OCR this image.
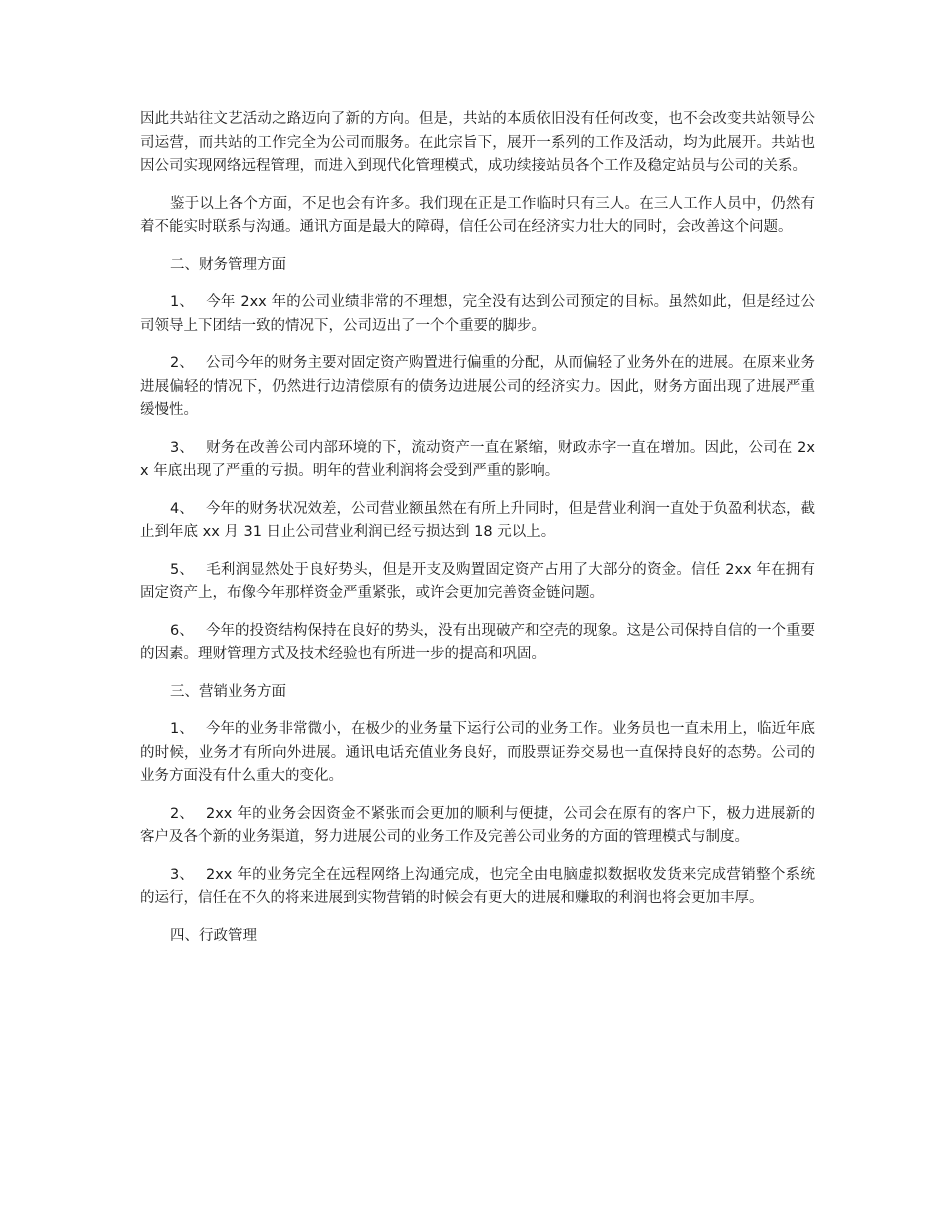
因此共站往文艺活动之路迈向了新的方向。但是，共站的本质依旧没有任何改变，也不会改变共站领导公司运营，而共站的工作完全为公司而服务。在此宗旨下，展开一系列的工作及活动，均为此展开。共站也因公司实现网络远程管理，而进入到现代化管理模式，成功续接站员各个工作及稳定站员与公司的关系。

鉴于以上各个方面，不足也会有许多。我们现在正是工作临时只有三人。在三人工作人员中，仍然有着不能实时联系与沟通。通讯方面是最大的障碍，信任公司在经济实力壮大的同时，会改善这个问题。

二、财务管理方面

1、 今年 2xx 年的公司业绩非常的不理想，完全没有达到公司预定的目标。虽然如此，但是经过公司领导上下团结一致的情况下，公司迈出了一个个重要的脚步。

2、 公司今年的财务主要对固定资产购置进行偏重的分配，从而偏轻了业务外在的进展。在原来业务进展偏轻的情况下，仍然进行边清偿原有的债务边进展公司的经济实力。因此，财务方面出现了进展严重缓慢性。

3、 财务在改善公司内部环境的下，流动资产一直在紧缩，财政赤字一直在增加。因此，公司在 2xx 年底出现了严重的亏损。明年的营业利润将会受到严重的影响。

4、 今年的财务状况效差，公司营业额虽然在有所上升同时，但是营业利润一直处于负盈利状态，截止到年底 xx 月 31 日止公司营业利润已经亏损达到 18 元以上。

5、 毛利润显然处于良好势头，但是开支及购置固定资产占用了大部分的资金。信任 2xx 年在拥有固定资产上，布像今年那样资金严重紧张，或许会更加完善资金链问题。

6、 今年的投资结构保持在良好的势头，没有出现破产和空壳的现象。这是公司保持自信的一个重要的因素。理财管理方式及技术经验也有所进一步的提高和巩固。

三、营销业务方面

1、 今年的业务非常微小，在极少的业务量下运行公司的业务工作。业务员也一直未用上，临近年底的时候，业务才有所向外进展。通讯电话充值业务良好，而股票证券交易也一直保持良好的态势。公司的业务方面没有什么重大的变化。

2、 2xx 年的业务会因资金不紧张而会更加的顺利与便捷，公司会在原有的客户下，极力进展新的客户及各个新的业务渠道，努力进展公司的业务工作及完善公司业务的方面的管理模式与制度。

3、 2xx 年的业务完全在远程网络上沟通完成，也完全由电脑虚拟数据收发货来完成营销整个系统的运行，信任在不久的将来进展到实物营销的时候会有更大的进展和赚取的利润也将会更加丰厚。

四、行政管理
